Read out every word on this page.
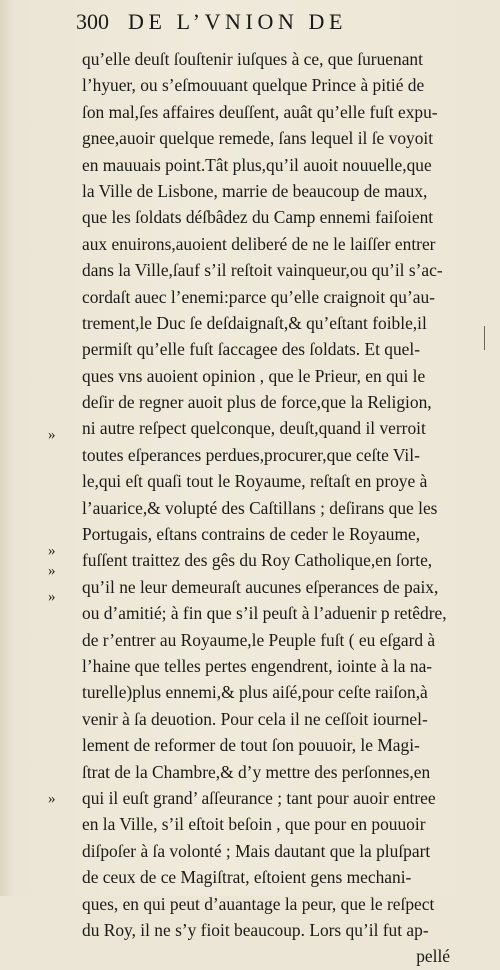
300 DE L’VNION DE
»
»
»
»
»
qu’elle deuſt ſouſtenir iuſques à ce, que ſuruenant
l’hyuer, ou s’eſmouuant quelque Prince à pitié de
ſon mal,ſes affaires deuſſent, auât qu’elle fuſt expu-
gnee,auoir quelque remede, ſans lequel il ſe voyoit
en mauuais point.Tât plus,qu’il auoit nouuelle,que
la Ville de Lisbone, marrie de beaucoup de maux,
que les ſoldats déſbâdez du Camp ennemi faiſoient
aux enuirons,auoient deliberé de ne le laiſſer entrer
dans la Ville,ſauf s’il reſtoit vainqueur,ou qu’il s’ac-
cordaſt auec l’enemi:parce qu’elle craignoit qu’au-
trement,le Duc ſe deſdaignaſt,& qu’eſtant foible,il
permiſt qu’elle fuſt ſaccagee des ſoldats. Et quel-
ques vns auoient opinion , que le Prieur, en qui le
deſir de regner auoit plus de force,que la Religion,
ni autre reſpect quelconque, deuſt,quand il verroit
toutes eſperances perdues,procurer,que ceſte Vil-
le,qui eſt quaſi tout le Royaume, reſtaſt en proye à
l’auarice,& volupté des Caſtillans ; deſirans que les
Portugais, eſtans contrains de ceder le Royaume,
fuſſent traittez des gês du Roy Catholique,en ſorte,
qu’il ne leur demeuraſt aucunes eſperances de paix,
ou d’amitié; à fin que s’il peuſt à l’aduenir p retêdre,
de r’entrer au Royaume,le Peuple fuſt ( eu eſgard à
l’haine que telles pertes engendrent, iointe à la na-
turelle)plus ennemi,& plus aiſé,pour ceſte raiſon,à
venir à ſa deuotion. Pour cela il ne ceſſoit iournel-
lement de reformer de tout ſon pouuoir, le Magi-
ſtrat de la Chambre,& d’y mettre des perſonnes,en
qui il euſt grand’ aſſeurance ; tant pour auoir entree
en la Ville, s’il eſtoit beſoin , que pour en pouuoir
diſpoſer à ſa volonté ; Mais dautant que la pluſpart
de ceux de ce Magiſtrat, eſtoient gens mechani-
ques, en qui peut d’auantage la peur, que le reſpect
du Roy, il ne s’y fioit beaucoup. Lors qu’il fut ap-
pellé
